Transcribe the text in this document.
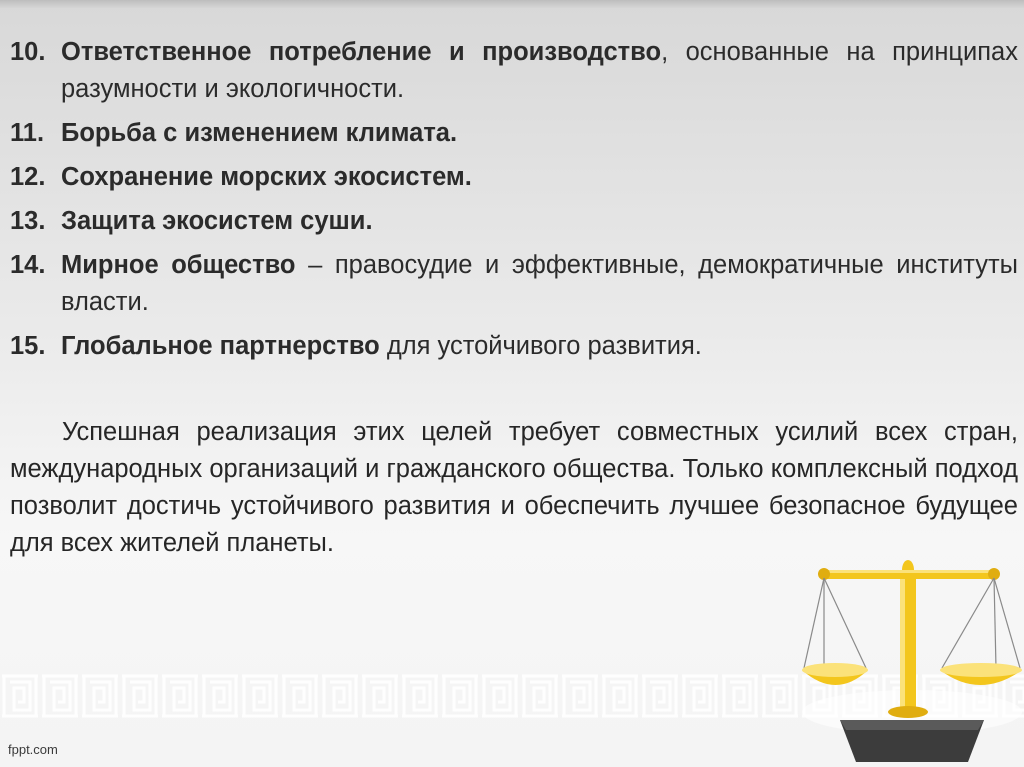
10. Ответственное потребление и производство, основанные на принципах разумности и экологичности.
11. Борьба с изменением климата.
12. Сохранение морских экосистем.
13. Защита экосистем суши.
14. Мирное общество – правосудие и эффективные, демократичные институты власти.
15. Глобальное партнерство для устойчивого развития.
Успешная реализация этих целей требует совместных усилий всех стран, международных организаций и гражданского общества. Только комплексный подход позволит достичь устойчивого развития и обеспечить лучшее безопасное будущее для всех жителей планеты.
fppt.com
